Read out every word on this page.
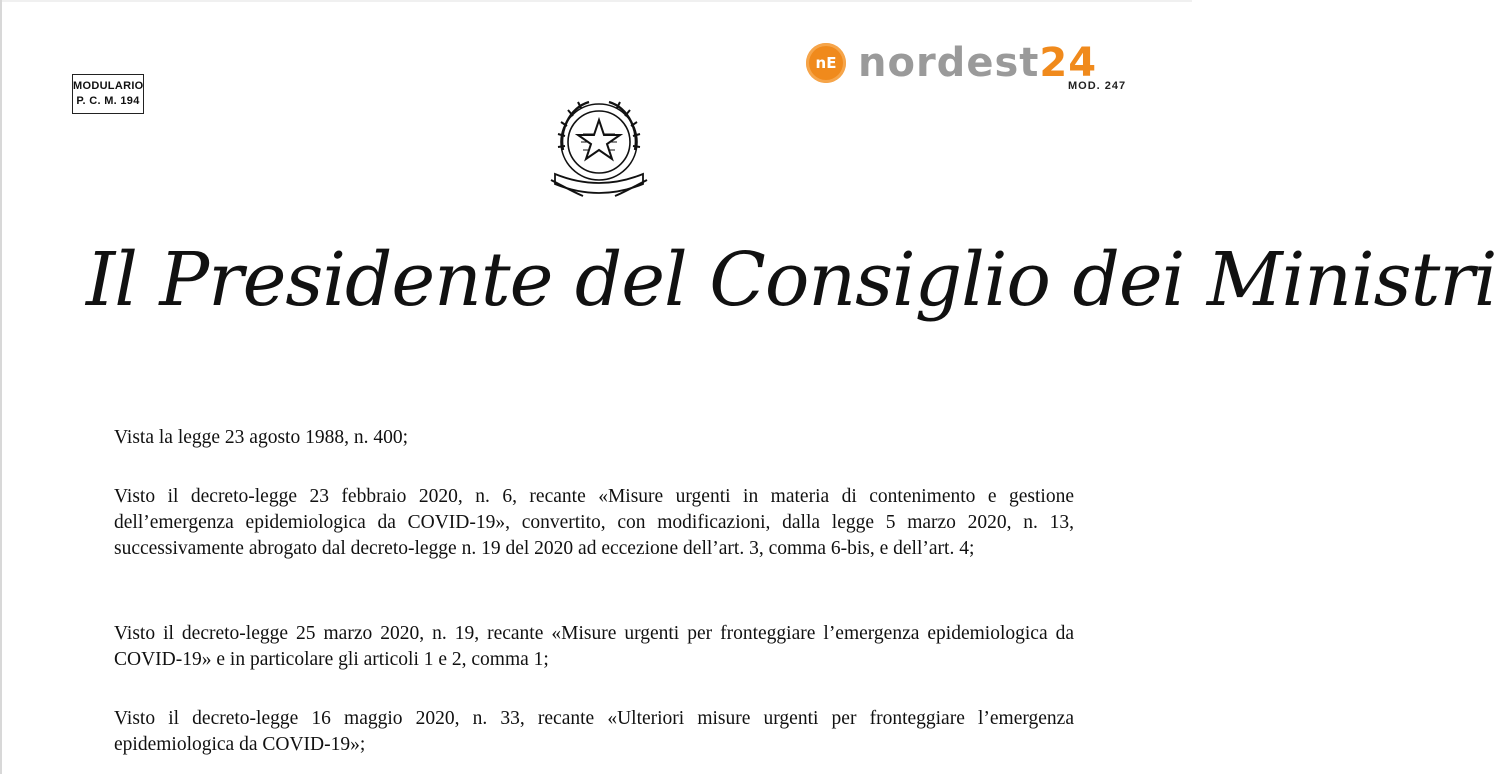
MODULARIO
P. C. M. 194
nE nordest24
MOD. 247
Il Presidente del Consiglio dei Ministri
Vista la legge 23 agosto 1988, n. 400;
Visto il decreto-legge 23 febbraio 2020, n. 6, recante «Misure urgenti in materia di contenimento e gestione dell’emergenza epidemiologica da COVID-19», convertito, con modificazioni, dalla legge 5 marzo 2020, n. 13, successivamente abrogato dal decreto-legge n. 19 del 2020 ad eccezione dell’art. 3, comma 6-bis, e dell’art. 4;
Visto il decreto-legge 25 marzo 2020, n. 19, recante «Misure urgenti per fronteggiare l’emergenza epidemiologica da COVID-19» e in particolare gli articoli 1 e 2, comma 1;
Visto il decreto-legge 16 maggio 2020, n. 33, recante «Ulteriori misure urgenti per fronteggiare l’emergenza epidemiologica da COVID-19»;
